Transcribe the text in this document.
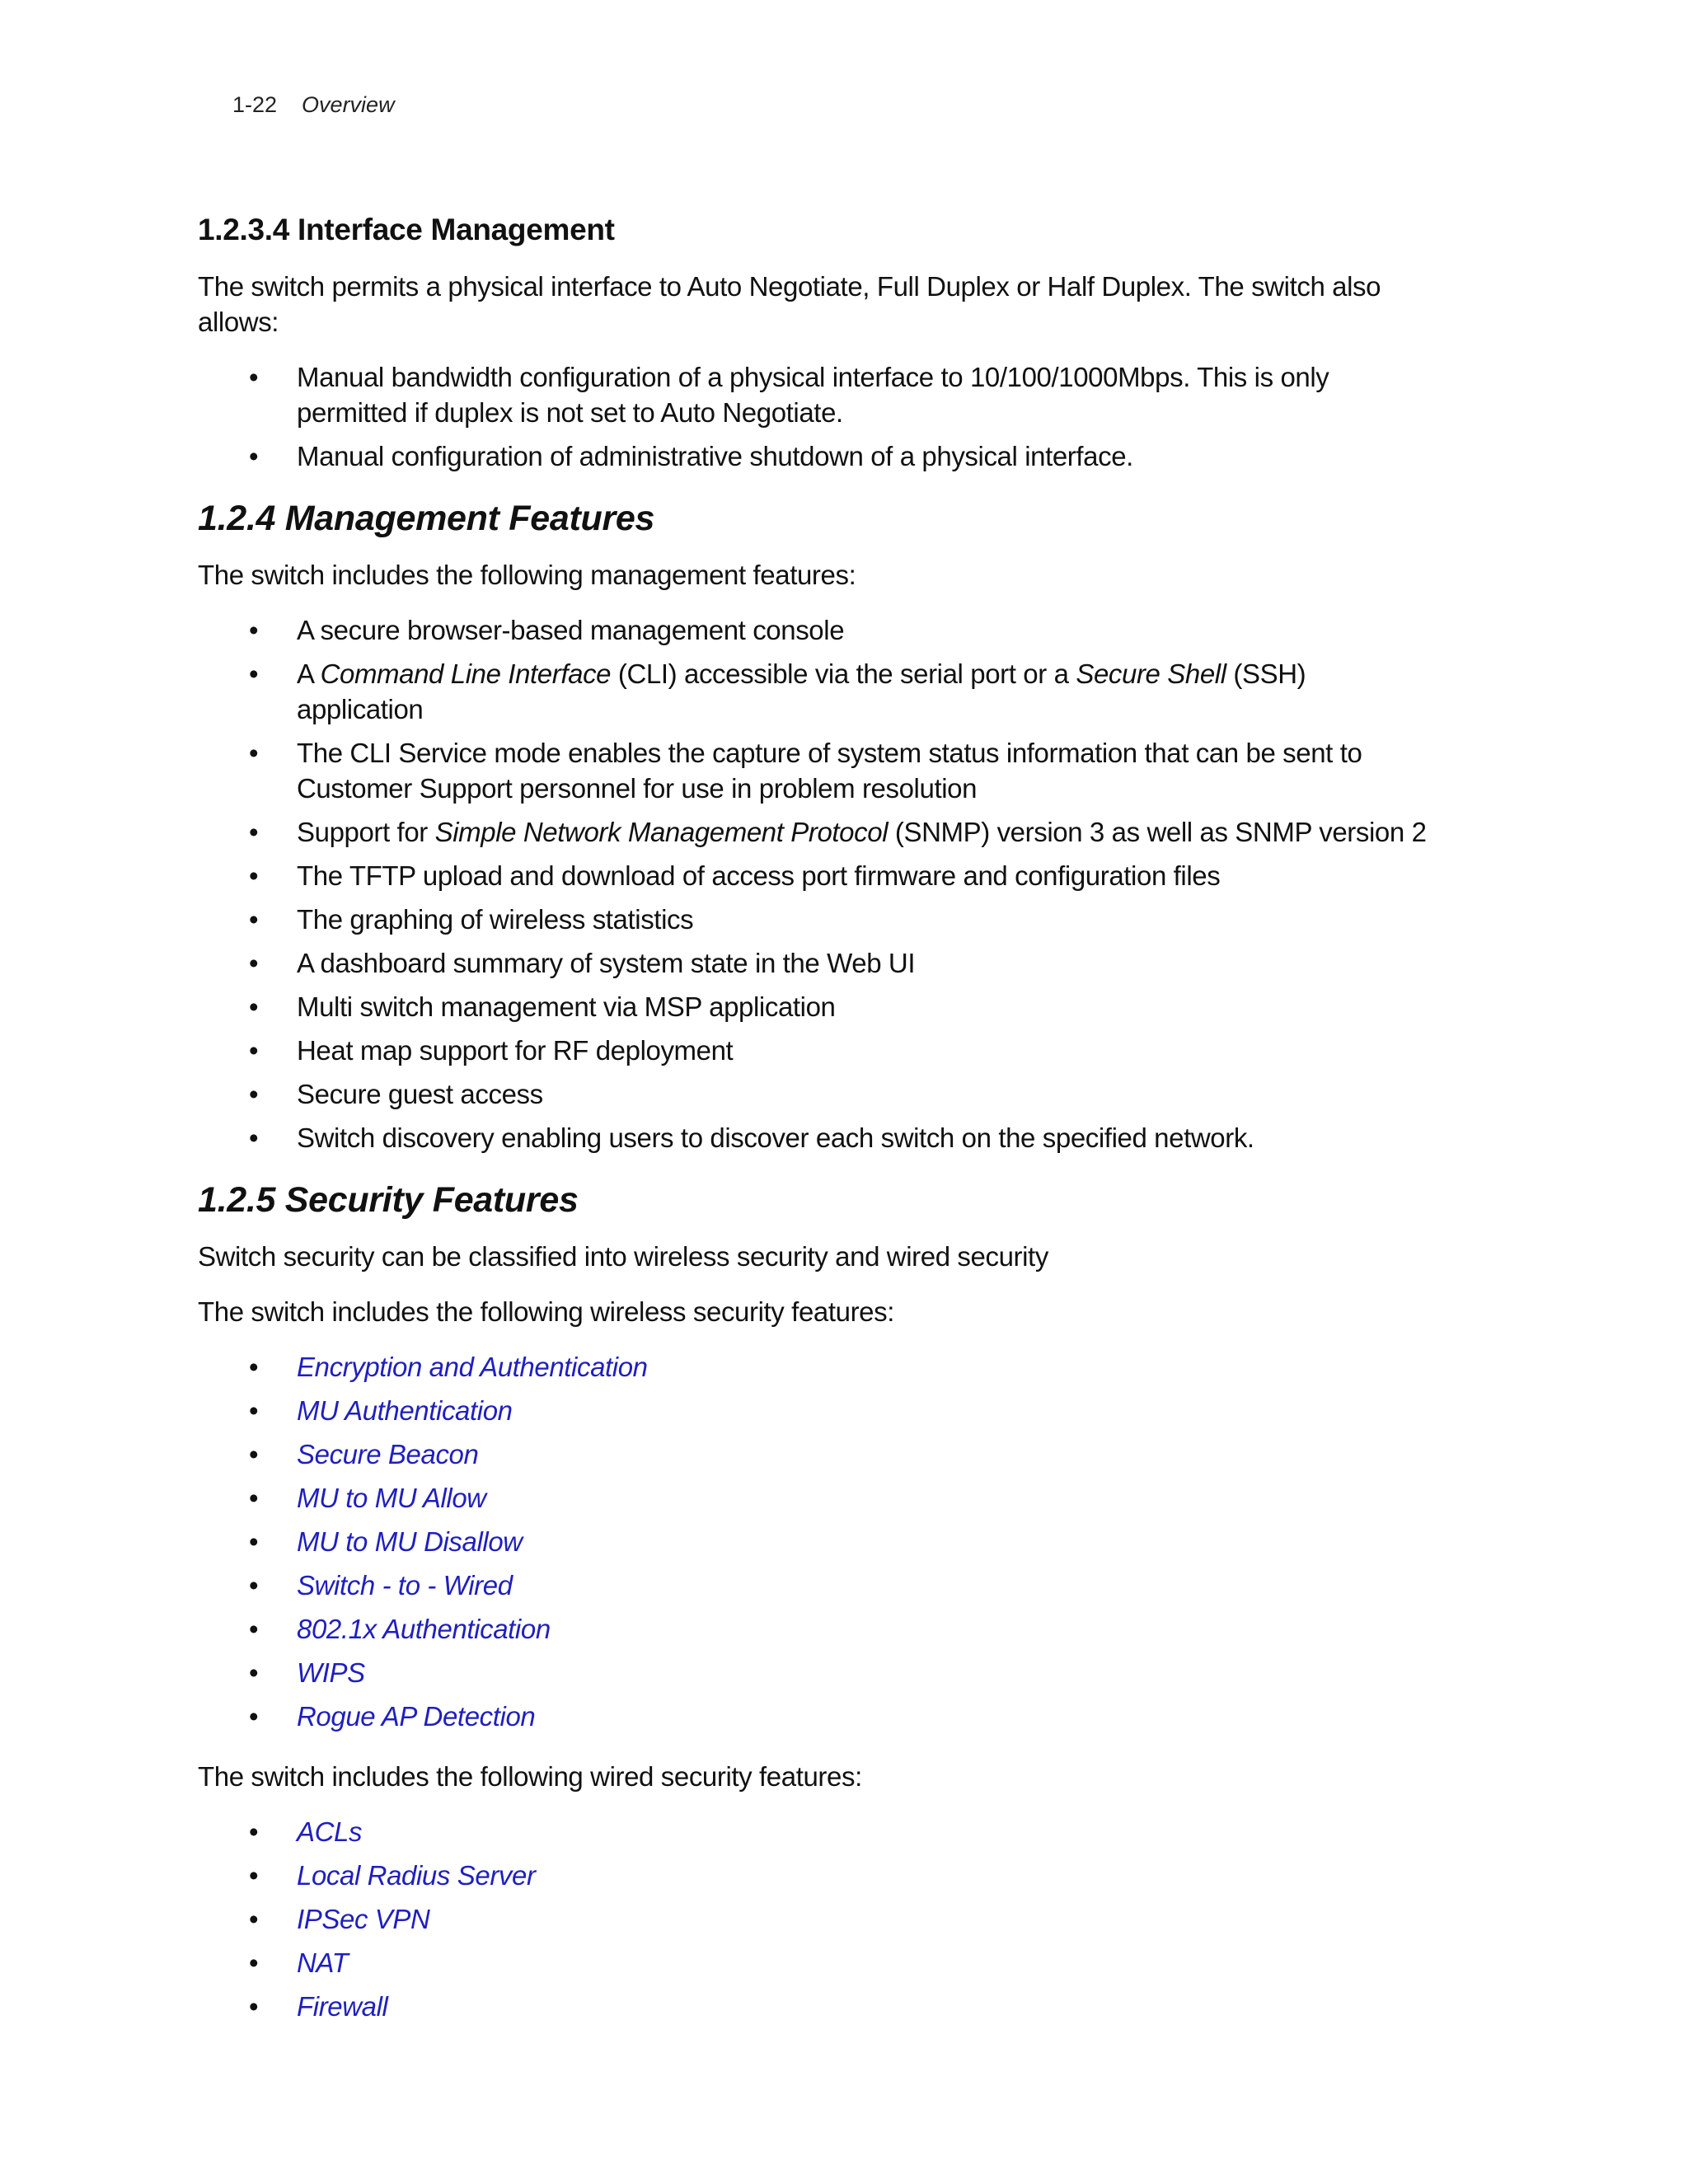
1-22 Overview
1.2.3.4 Interface Management

The switch permits a physical interface to Auto Negotiate, Full Duplex or Half Duplex. The switch also allows:

• Manual bandwidth configuration of a physical interface to 10/100/1000Mbps. This is only permitted if duplex is not set to Auto Negotiate.
• Manual configuration of administrative shutdown of a physical interface.
1.2.4 Management Features

The switch includes the following management features:

• A secure browser-based management console
• A Command Line Interface (CLI) accessible via the serial port or a Secure Shell (SSH) application
• The CLI Service mode enables the capture of system status information that can be sent to Customer Support personnel for use in problem resolution
• Support for Simple Network Management Protocol (SNMP) version 3 as well as SNMP version 2
• The TFTP upload and download of access port firmware and configuration files
• The graphing of wireless statistics
• A dashboard summary of system state in the Web UI
• Multi switch management via MSP application
• Heat map support for RF deployment
• Secure guest access
• Switch discovery enabling users to discover each switch on the specified network.
1.2.5 Security Features

Switch security can be classified into wireless security and wired security

The switch includes the following wireless security features:

• Encryption and Authentication
• MU Authentication
• Secure Beacon
• MU to MU Allow
• MU to MU Disallow
• Switch - to - Wired
• 802.1x Authentication
• WIPS
• Rogue AP Detection

The switch includes the following wired security features:

• ACLs
• Local Radius Server
• IPSec VPN
• NAT
• Firewall
